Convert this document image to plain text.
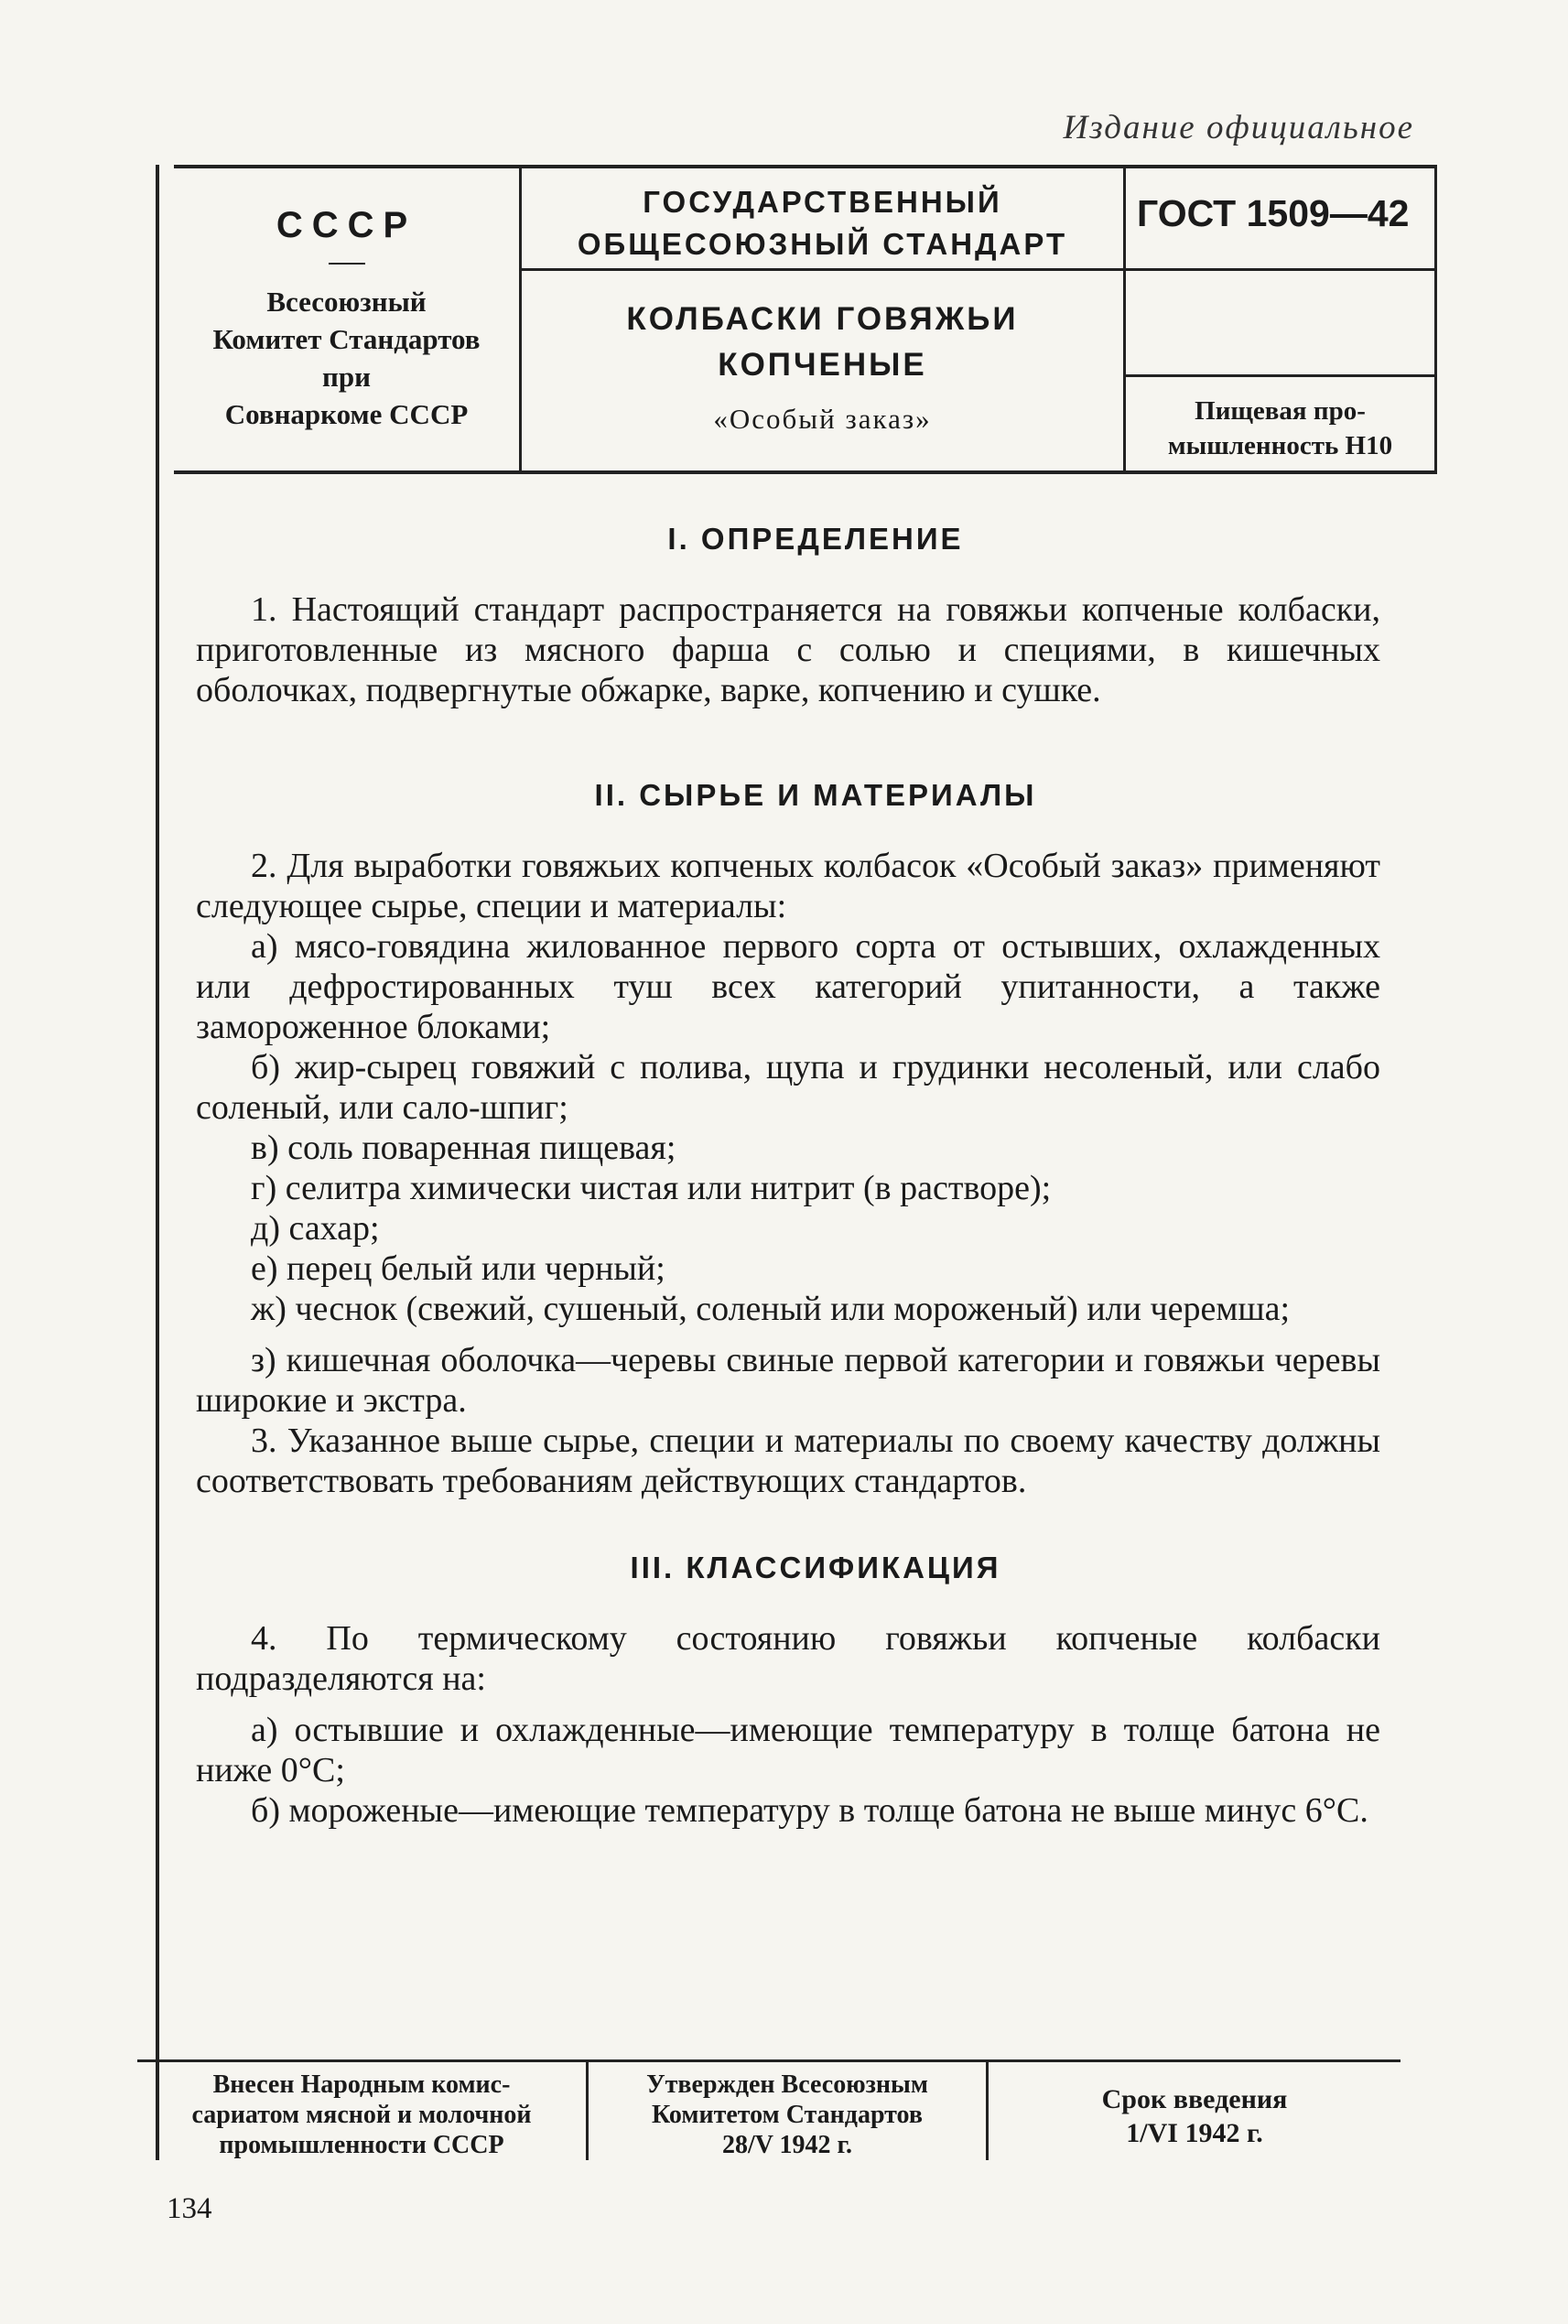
Издание официальное
СССР
Всесоюзный
Комитет Стандартов
при
Совнаркоме СССР
ГОСУДАРСТВЕННЫЙ
ОБЩЕСОЮЗНЫЙ СТАНДАРТ
КОЛБАСКИ ГОВЯЖЬИ
КОПЧЕНЫЕ
«Особый заказ»
ГОСТ 1509—42
Пищевая про-
мышленность Н10
I. ОПРЕДЕЛЕНИЕ

1. Настоящий стандарт распространяется на говяжьи копченые колбаски, приготовленные из мясного фарша с солью и специями, в кишечных оболочках, подвергнутые обжарке, варке, копчению и сушке.

II. СЫРЬЕ И МАТЕРИАЛЫ

2. Для выработки говяжьих копченых колбасок «Особый заказ» применяют следующее сырье, специи и материалы:

а) мясо-говядина жилованное первого сорта от остывших, охлажденных или дефростированных туш всех категорий упитанности, а также замороженное блоками;

б) жир-сырец говяжий с полива, щупа и грудинки несоленый, или слабо соленый, или сало-шпиг;

в) соль поваренная пищевая;

г) селитра химически чистая или нитрит (в растворе);

д) сахар;

е) перец белый или черный;

ж) чеснок (свежий, сушеный, соленый или мороженый) или черемша;

з) кишечная оболочка—черевы свиные первой категории и говяжьи черевы широкие и экстра.

3. Указанное выше сырье, специи и материалы по своему качеству должны соответствовать требованиям действующих стандартов.

III. КЛАССИФИКАЦИЯ

4. По термическому состоянию говяжьи копченые колбаски подразделяются на:

а) остывшие и охлажденные—имеющие температуру в толще батона не ниже 0°С;

б) мороженые—имеющие температуру в толще батона не выше минус 6°С.

Внесен Народным комис-
сариатом мясной и молочной
промышленности СССР
Утвержден Всесоюзным
Комитетом Стандартов
28/V 1942 г.
Срок введения
1/VI 1942 г.
134
